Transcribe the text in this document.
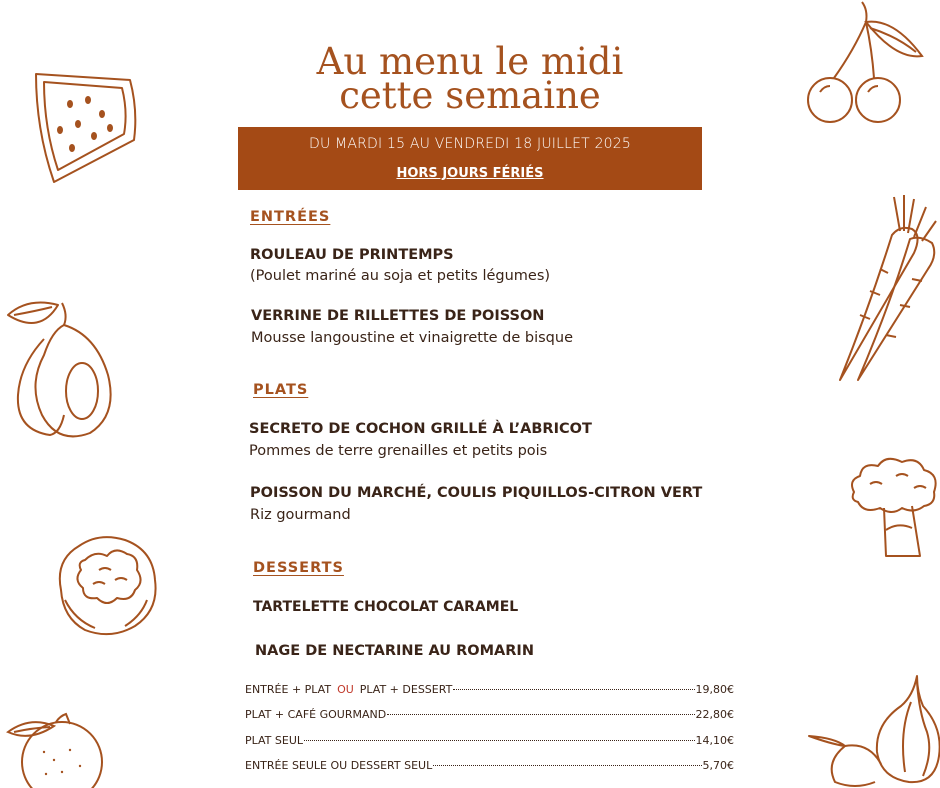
Au menu le midi
cette semaine
DU MARDI 15 AU VENDREDI 18 JUILLET 2025
HORS JOURS FÉRIÉS
ENTRÉES
ROULEAU DE PRINTEMPS
(Poulet mariné au soja et petits légumes)
VERRINE DE RILLETTES DE POISSON
Mousse langoustine et vinaigrette de bisque
PLATS
SECRETO DE COCHON GRILLÉ À L’ABRICOT
Pommes de terre grenailles et petits pois
POISSON DU MARCHÉ, COULIS PIQUILLOS-CITRON VERT
Riz gourmand
DESSERTS
TARTELETTE CHOCOLAT CARAMEL
NAGE DE NECTARINE AU ROMARIN
ENTRÉE + PLAT OU PLAT + DESSERT	19,80€
PLAT + CAFÉ GOURMAND	22,80€
PLAT SEUL	14,10€
ENTRÉE SEULE OU DESSERT SEUL	5,70€
